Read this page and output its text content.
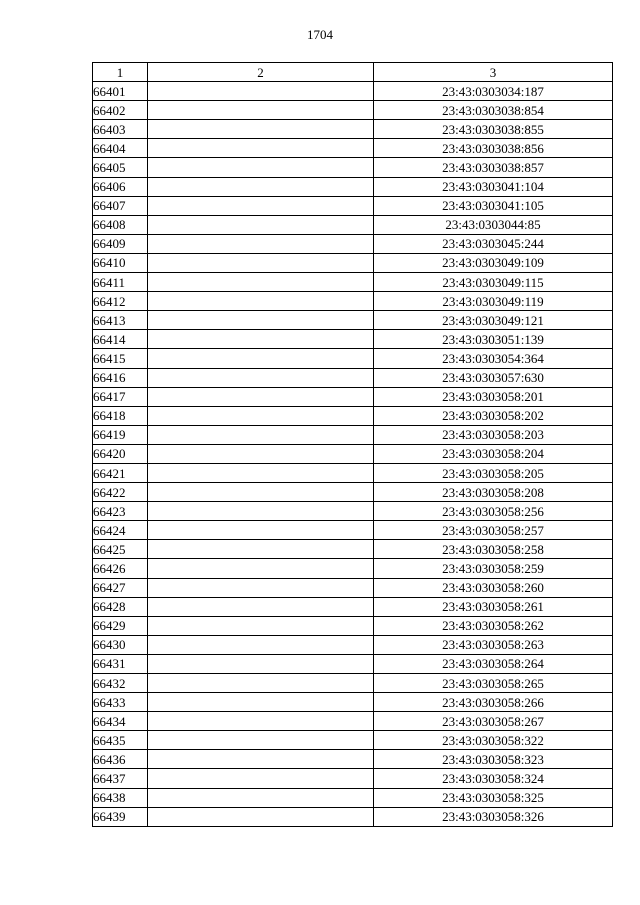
1704
1	2	3
66401		23:43:0303034:187
66402		23:43:0303038:854
66403		23:43:0303038:855
66404		23:43:0303038:856
66405		23:43:0303038:857
66406		23:43:0303041:104
66407		23:43:0303041:105
66408		23:43:0303044:85
66409		23:43:0303045:244
66410		23:43:0303049:109
66411		23:43:0303049:115
66412		23:43:0303049:119
66413		23:43:0303049:121
66414		23:43:0303051:139
66415		23:43:0303054:364
66416		23:43:0303057:630
66417		23:43:0303058:201
66418		23:43:0303058:202
66419		23:43:0303058:203
66420		23:43:0303058:204
66421		23:43:0303058:205
66422		23:43:0303058:208
66423		23:43:0303058:256
66424		23:43:0303058:257
66425		23:43:0303058:258
66426		23:43:0303058:259
66427		23:43:0303058:260
66428		23:43:0303058:261
66429		23:43:0303058:262
66430		23:43:0303058:263
66431		23:43:0303058:264
66432		23:43:0303058:265
66433		23:43:0303058:266
66434		23:43:0303058:267
66435		23:43:0303058:322
66436		23:43:0303058:323
66437		23:43:0303058:324
66438		23:43:0303058:325
66439		23:43:0303058:326
